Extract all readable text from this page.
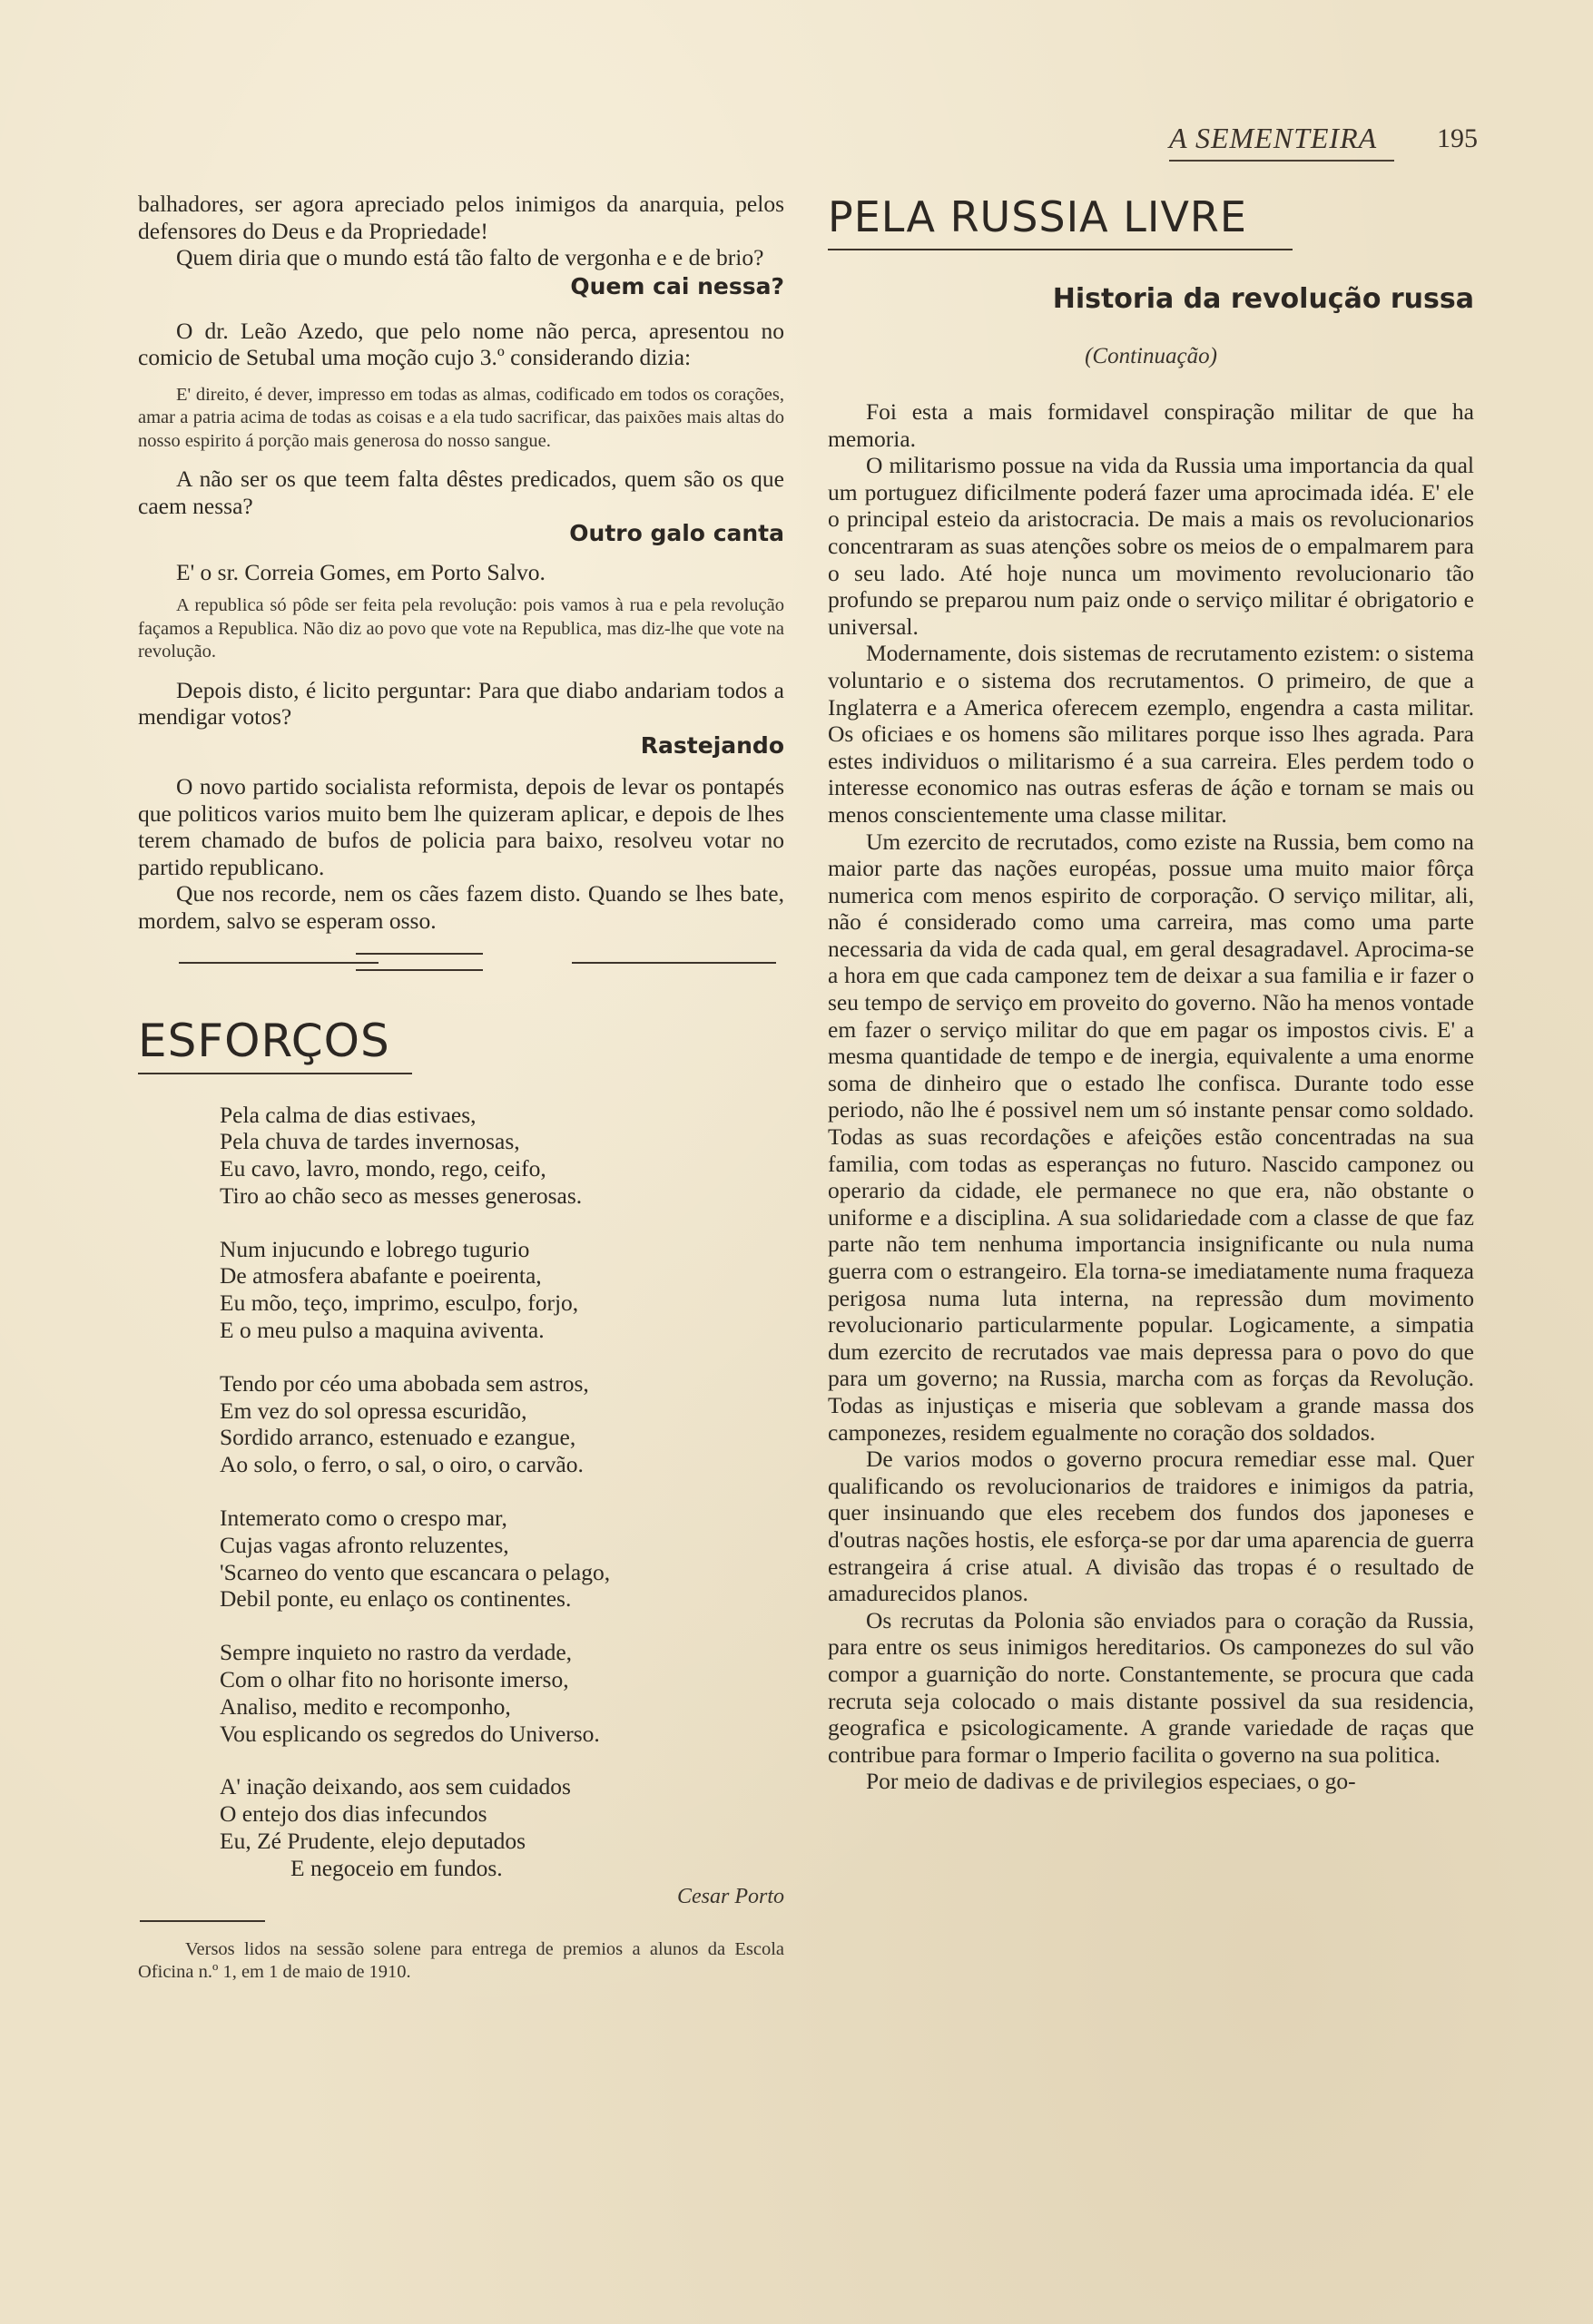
A SEMENTEIRA 195

balhadores, ser agora apreciado pelos inimigos da anarquia, pelos defensores do Deus e da Propriedade!

Quem diria que o mundo está tão falto de vergonha e e de brio?

Quem cai nessa?

O dr. Leão Azedo, que pelo nome não perca, apresentou no comicio de Setubal uma moção cujo 3.º considerando dizia:

E' direito, é dever, impresso em todas as almas, codificado em todos os corações, amar a patria acima de todas as coisas e a ela tudo sacrificar, das paixões mais altas do nosso espirito á porção mais generosa do nosso sangue.

A não ser os que teem falta dêstes predicados, quem são os que caem nessa?

Outro galo canta

E' o sr. Correia Gomes, em Porto Salvo.

A republica só pôde ser feita pela revolução: pois vamos à rua e pela revolução façamos a Republica. Não diz ao povo que vote na Republica, mas diz-lhe que vote na revolução.

Depois disto, é licito perguntar: Para que diabo andariam todos a mendigar votos?

Rastejando

O novo partido socialista reformista, depois de levar os pontapés que politicos varios muito bem lhe quizeram aplicar, e depois de lhes terem chamado de bufos de policia para baixo, resolveu votar no partido republicano.

Que nos recorde, nem os cães fazem disto. Quando se lhes bate, mordem, salvo se esperam osso.

ESFORÇOS
Pela calma de dias estivaes,
Pela chuva de tardes invernosas,
Eu cavo, lavro, mondo, rego, ceifo,
Tiro ao chão seco as messes generosas.
Num injucundo e lobrego tugurio
De atmosfera abafante e poeirenta,
Eu mõo, teço, imprimo, esculpo, forjo,
E o meu pulso a maquina aviventa.
Tendo por céo uma abobada sem astros,
Em vez do sol opressa escuridão,
Sordido arranco, estenuado e ezangue,
Ao solo, o ferro, o sal, o oiro, o carvão.
Intemerato como o crespo mar,
Cujas vagas afronto reluzentes,
'Scarneo do vento que escancara o pelago,
Debil ponte, eu enlaço os continentes.
Sempre inquieto no rastro da verdade,
Com o olhar fito no horisonte imerso,
Analiso, medito e recomponho,
Vou esplicando os segredos do Universo.
A' inação deixando, aos sem cuidados
O entejo dos dias infecundos
Eu, Zé Prudente, elejo deputados
E negoceio em fundos.
Cesar Porto

Versos lidos na sessão solene para entrega de premios a alunos da Escola Oficina n.º 1, em 1 de maio de 1910.

PELA RUSSIA LIVRE
Historia da revolução russa
(Continuação)

Foi esta a mais formidavel conspiração militar de que ha memoria.

O militarismo possue na vida da Russia uma importancia da qual um portuguez dificilmente poderá fazer uma aprocimada idéa. E' ele o principal esteio da aristocracia. De mais a mais os revolucionarios concentraram as suas atenções sobre os meios de o empalmarem para o seu lado. Até hoje nunca um movimento revolucionario tão profundo se preparou num paiz onde o serviço militar é obrigatorio e universal.

Modernamente, dois sistemas de recrutamento ezistem: o sistema voluntario e o sistema dos recrutamentos. O primeiro, de que a Inglaterra e a America oferecem ezemplo, engendra a casta militar. Os oficiaes e os homens são militares porque isso lhes agrada. Para estes individuos o militarismo é a sua carreira. Eles perdem todo o interesse economico nas outras esferas de áção e tornam se mais ou menos conscientemente uma classe militar.

Um ezercito de recrutados, como eziste na Russia, bem como na maior parte das nações européas, possue uma muito maior fôrça numerica com menos espirito de corporação. O serviço militar, ali, não é considerado como uma carreira, mas como uma parte necessaria da vida de cada qual, em geral desagradavel. Aprocima-se a hora em que cada camponez tem de deixar a sua familia e ir fazer o seu tempo de serviço em proveito do governo. Não ha menos vontade em fazer o serviço militar do que em pagar os impostos civis. E' a mesma quantidade de tempo e de inergia, equivalente a uma enorme soma de dinheiro que o estado lhe confisca. Durante todo esse periodo, não lhe é possivel nem um só instante pensar como soldado. Todas as suas recordações e afeições estão concentradas na sua familia, com todas as esperanças no futuro. Nascido camponez ou operario da cidade, ele permanece no que era, não obstante o uniforme e a disciplina. A sua solidariedade com a classe de que faz parte não tem nenhuma importancia insignificante ou nula numa guerra com o estrangeiro. Ela torna-se imediatamente numa fraqueza perigosa numa luta interna, na repressão dum movimento revolucionario particularmente popular. Logicamente, a simpatia dum ezercito de recrutados vae mais depressa para o povo do que para um governo; na Russia, marcha com as forças da Revolução. Todas as injustiças e miseria que soblevam a grande massa dos camponezes, residem egualmente no coração dos soldados.

De varios modos o governo procura remediar esse mal. Quer qualificando os revolucionarios de traidores e inimigos da patria, quer insinuando que eles recebem dos fundos dos japoneses e d'outras nações hostis, ele esforça-se por dar uma aparencia de guerra estrangeira á crise atual. A divisão das tropas é o resultado de amadurecidos planos.

Os recrutas da Polonia são enviados para o coração da Russia, para entre os seus inimigos hereditarios. Os camponezes do sul vão compor a guarnição do norte. Constantemente, se procura que cada recruta seja colocado o mais distante possivel da sua residencia, geografica e psicologicamente. A grande variedade de raças que contribue para formar o Imperio facilita o governo na sua politica.

Por meio de dadivas e de privilegios especiaes, o go-
